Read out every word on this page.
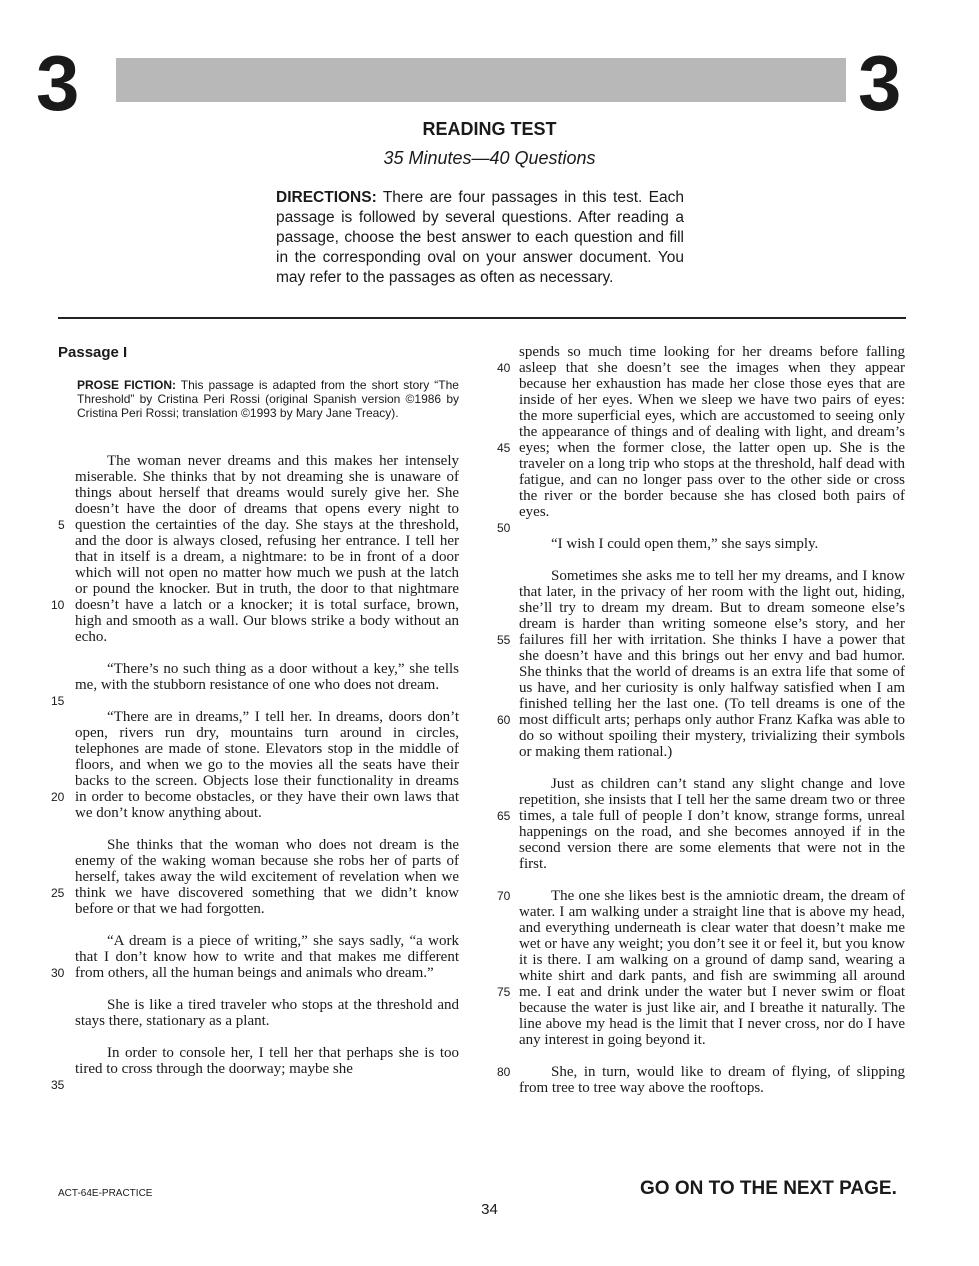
3	3
READING TEST
35 Minutes—40 Questions
DIRECTIONS: There are four passages in this test. Each passage is followed by several questions. After reading a passage, choose the best answer to each question and fill in the corresponding oval on your answer document. You may refer to the passages as often as necessary.
Passage I
PROSE FICTION: This passage is adapted from the short story “The Threshold” by Cristina Peri Rossi (original Spanish version ©1986 by Cristina Peri Rossi; translation ©1993 by Mary Jane Treacy).

The woman never dreams and this makes her intensely miserable. She thinks that by not dreaming she is unaware of things about herself that dreams would surely give her. She doesn’t have the door of dreams that opens every night to question the certainties of the day. She stays at the threshold, and the door is always closed, refusing her entrance. I tell her that in itself is a dream, a nightmare: to be in front of a door which will not open no matter how much we push at the latch or pound the knocker. But in truth, the door to that nightmare doesn’t have a latch or a knocker; it is total surface, brown, high and smooth as a wall. Our blows strike a body without an echo.

“There’s no such thing as a door without a key,” she tells me, with the stubborn resistance of one who does not dream.

“There are in dreams,” I tell her. In dreams, doors don’t open, rivers run dry, mountains turn around in circles, telephones are made of stone. Elevators stop in the middle of floors, and when we go to the movies all the seats have their backs to the screen. Objects lose their functionality in dreams in order to become obstacles, or they have their own laws that we don’t know anything about.

She thinks that the woman who does not dream is the enemy of the waking woman because she robs her of parts of herself, takes away the wild excitement of revelation when we think we have discovered something that we didn’t know before or that we had forgotten.

“A dream is a piece of writing,” she says sadly, “a work that I don’t know how to write and that makes me different from others, all the human beings and animals who dream.”

She is like a tired traveler who stops at the threshold and stays there, stationary as a plant.

In order to console her, I tell her that perhaps she is too tired to cross through the doorway; maybe she

5
10
15
20
25
30
35

spends so much time looking for her dreams before falling asleep that she doesn’t see the images when they appear because her exhaustion has made her close those eyes that are inside of her eyes. When we sleep we have two pairs of eyes: the more superficial eyes, which are accustomed to seeing only the appearance of things and of dealing with light, and dream’s eyes; when the former close, the latter open up. She is the traveler on a long trip who stops at the threshold, half dead with fatigue, and can no longer pass over to the other side or cross the river or the border because she has closed both pairs of eyes.

“I wish I could open them,” she says simply.

Sometimes she asks me to tell her my dreams, and I know that later, in the privacy of her room with the light out, hiding, she’ll try to dream my dream. But to dream someone else’s dream is harder than writing someone else’s story, and her failures fill her with irritation. She thinks I have a power that she doesn’t have and this brings out her envy and bad humor. She thinks that the world of dreams is an extra life that some of us have, and her curiosity is only halfway satisfied when I am finished telling her the last one. (To tell dreams is one of the most difficult arts; perhaps only author Franz Kafka was able to do so without spoiling their mystery, trivializing their symbols or making them rational.)

Just as children can’t stand any slight change and love repetition, she insists that I tell her the same dream two or three times, a tale full of people I don’t know, strange forms, unreal happenings on the road, and she becomes annoyed if in the second version there are some elements that were not in the first.

The one she likes best is the amniotic dream, the dream of water. I am walking under a straight line that is above my head, and everything underneath is clear water that doesn’t make me wet or have any weight; you don’t see it or feel it, but you know it is there. I am walking on a ground of damp sand, wearing a white shirt and dark pants, and fish are swimming all around me. I eat and drink under the water but I never swim or float because the water is just like air, and I breathe it naturally. The line above my head is the limit that I never cross, nor do I have any interest in going beyond it.

She, in turn, would like to dream of flying, of slipping from tree to tree way above the rooftops.

40
45
50
55
60
65
70
75
80
ACT-64E-PRACTICE	GO ON TO THE NEXT PAGE.
34
